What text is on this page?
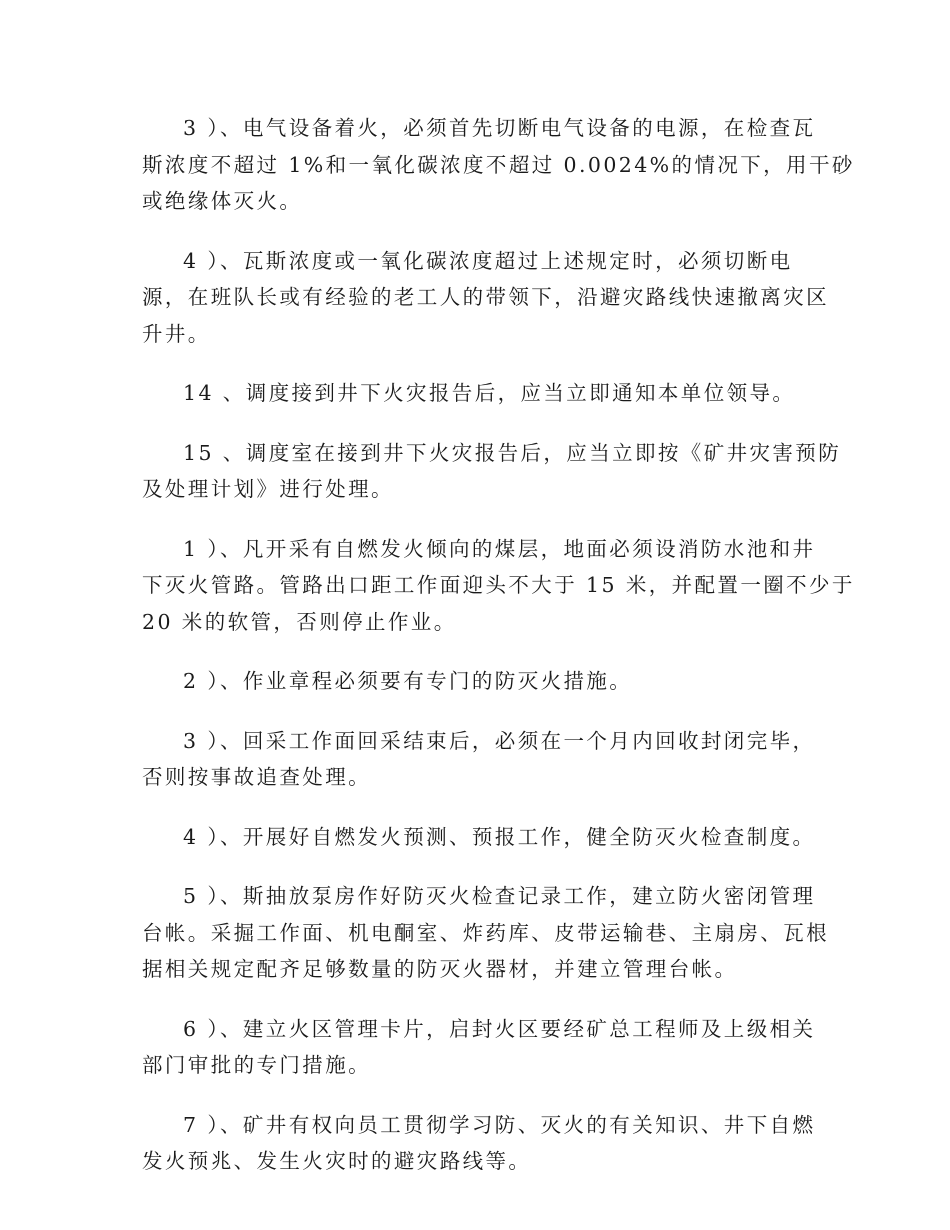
3 ）、电气设备着火，必须首先切断电气设备的电源，在检查瓦
斯浓度不超过 1%和一氧化碳浓度不超过 0.0024%的情况下，用干砂
或绝缘体灭火。

4 ）、瓦斯浓度或一氧化碳浓度超过上述规定时，必须切断电
源，在班队长或有经验的老工人的带领下，沿避灾路线快速撤离灾区
升井。

14 、调度接到井下火灾报告后，应当立即通知本单位领导。

15 、调度室在接到井下火灾报告后，应当立即按《矿井灾害预防
及处理计划》进行处理。

1 ）、凡开采有自燃发火倾向的煤层，地面必须设消防水池和井
下灭火管路。管路出口距工作面迎头不大于 15 米，并配置一圈不少于
20 米的软管，否则停止作业。

2 ）、作业章程必须要有专门的防灭火措施。

3 ）、回采工作面回采结束后，必须在一个月内回收封闭完毕，
否则按事故追查处理。

4 ）、开展好自燃发火预测、预报工作，健全防灭火检查制度。

5 ）、斯抽放泵房作好防灭火检查记录工作，建立防火密闭管理
台帐。采掘工作面、机电酮室、炸药库、皮带运输巷、主扇房、瓦根
据相关规定配齐足够数量的防灭火器材，并建立管理台帐。

6 ）、建立火区管理卡片，启封火区要经矿总工程师及上级相关
部门审批的专门措施。

7 ）、矿井有权向员工贯彻学习防、灭火的有关知识、井下自燃
发火预兆、发生火灾时的避灾路线等。
